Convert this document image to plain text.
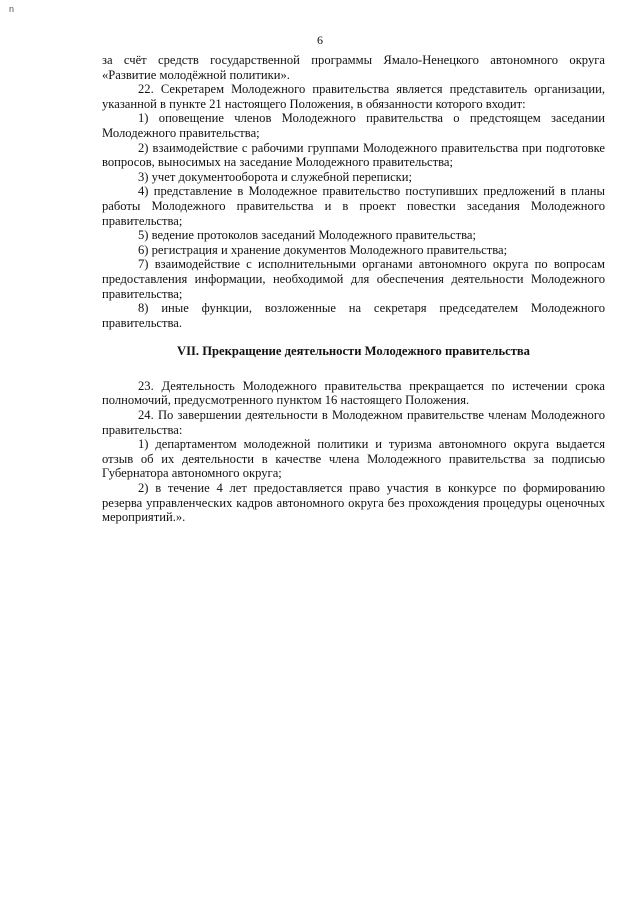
n
6

за счёт средств государственной программы Ямало-Ненецкого автономного округа «Развитие молодёжной политики».

22. Секретарем Молодежного правительства является представитель организации, указанной в пункте 21 настоящего Положения, в обязанности которого входит:

1) оповещение членов Молодежного правительства о предстоящем заседании Молодежного правительства;

2) взаимодействие с рабочими группами Молодежного правительства при подготовке вопросов, выносимых на заседание Молодежного правительства;

3) учет документооборота и служебной переписки;

4) представление в Молодежное правительство поступивших предложений в планы работы Молодежного правительства и в проект повестки заседания Молодежного правительства;

5) ведение протоколов заседаний Молодежного правительства;

6) регистрация и хранение документов Молодежного правительства;

7) взаимодействие с исполнительными органами автономного округа по вопросам предоставления информации, необходимой для обеспечения деятельности Молодежного правительства;

8) иные функции, возложенные на секретаря председателем Молодежного правительства.

VII. Прекращение деятельности Молодежного правительства

23. Деятельность Молодежного правительства прекращается по истечении срока полномочий, предусмотренного пунктом 16 настоящего Положения.

24. По завершении деятельности в Молодежном правительстве членам Молодежного правительства:

1) департаментом молодежной политики и туризма автономного округа выдается отзыв об их деятельности в качестве члена Молодежного правительства за подписью Губернатора автономного округа;

2) в течение 4 лет предоставляется право участия в конкурсе по формированию резерва управленческих кадров автономного округа без прохождения процедуры оценочных мероприятий.».
